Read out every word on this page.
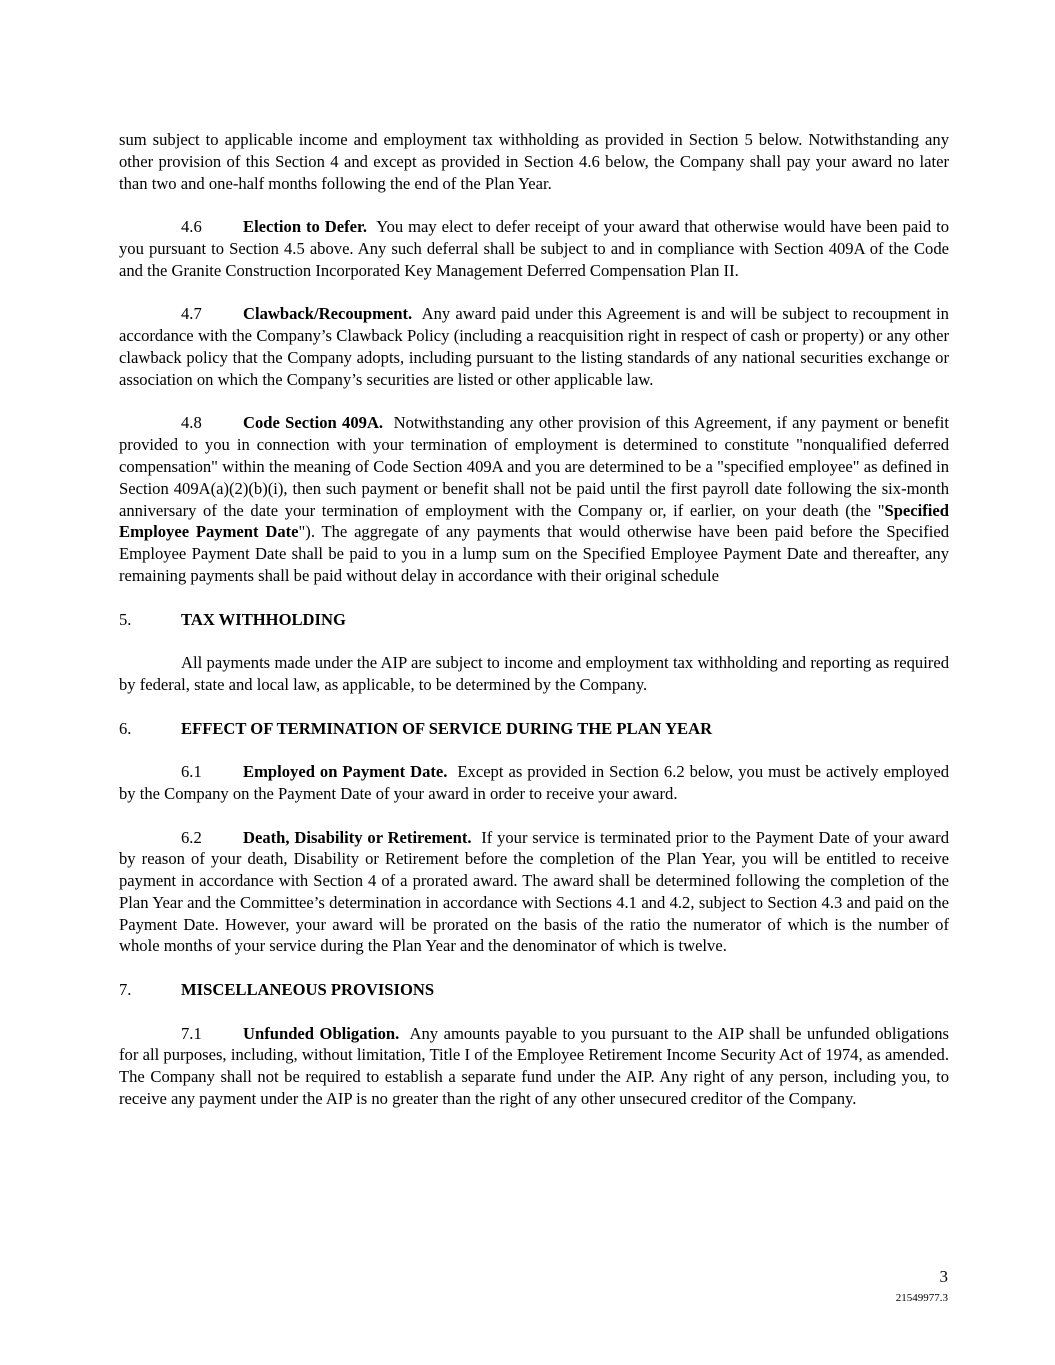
sum subject to applicable income and employment tax withholding as provided in Section 5 below. Notwithstanding any other provision of this Section 4 and except as provided in Section 4.6 below, the Company shall pay your award no later than two and one-half months following the end of the Plan Year.

4.6 Election to Defer. You may elect to defer receipt of your award that otherwise would have been paid to you pursuant to Section 4.5 above. Any such deferral shall be subject to and in compliance with Section 409A of the Code and the Granite Construction Incorporated Key Management Deferred Compensation Plan II.

4.7 Clawback/Recoupment. Any award paid under this Agreement is and will be subject to recoupment in accordance with the Company’s Clawback Policy (including a reacquisition right in respect of cash or property) or any other clawback policy that the Company adopts, including pursuant to the listing standards of any national securities exchange or association on which the Company’s securities are listed or other applicable law.

4.8 Code Section 409A. Notwithstanding any other provision of this Agreement, if any payment or benefit provided to you in connection with your termination of employment is determined to constitute "nonqualified deferred compensation" within the meaning of Code Section 409A and you are determined to be a "specified employee" as defined in Section 409A(a)(2)(b)(i), then such payment or benefit shall not be paid until the first payroll date following the six-month anniversary of the date your termination of employment with the Company or, if earlier, on your death (the "Specified Employee Payment Date"). The aggregate of any payments that would otherwise have been paid before the Specified Employee Payment Date shall be paid to you in a lump sum on the Specified Employee Payment Date and thereafter, any remaining payments shall be paid without delay in accordance with their original schedule

5.	TAX WITHHOLDING

All payments made under the AIP are subject to income and employment tax withholding and reporting as required by federal, state and local law, as applicable, to be determined by the Company.

6.	EFFECT OF TERMINATION OF SERVICE DURING THE PLAN YEAR

6.1 Employed on Payment Date. Except as provided in Section 6.2 below, you must be actively employed by the Company on the Payment Date of your award in order to receive your award.

6.2 Death, Disability or Retirement. If your service is terminated prior to the Payment Date of your award by reason of your death, Disability or Retirement before the completion of the Plan Year, you will be entitled to receive payment in accordance with Section 4 of a prorated award. The award shall be determined following the completion of the Plan Year and the Committee’s determination in accordance with Sections 4.1 and 4.2, subject to Section 4.3 and paid on the Payment Date. However, your award will be prorated on the basis of the ratio the numerator of which is the number of whole months of your service during the Plan Year and the denominator of which is twelve.

7.	MISCELLANEOUS PROVISIONS

7.1 Unfunded Obligation. Any amounts payable to you pursuant to the AIP shall be unfunded obligations for all purposes, including, without limitation, Title I of the Employee Retirement Income Security Act of 1974, as amended. The Company shall not be required to establish a separate fund under the AIP. Any right of any person, including you, to receive any payment under the AIP is no greater than the right of any other unsecured creditor of the Company.

3
21549977.3
